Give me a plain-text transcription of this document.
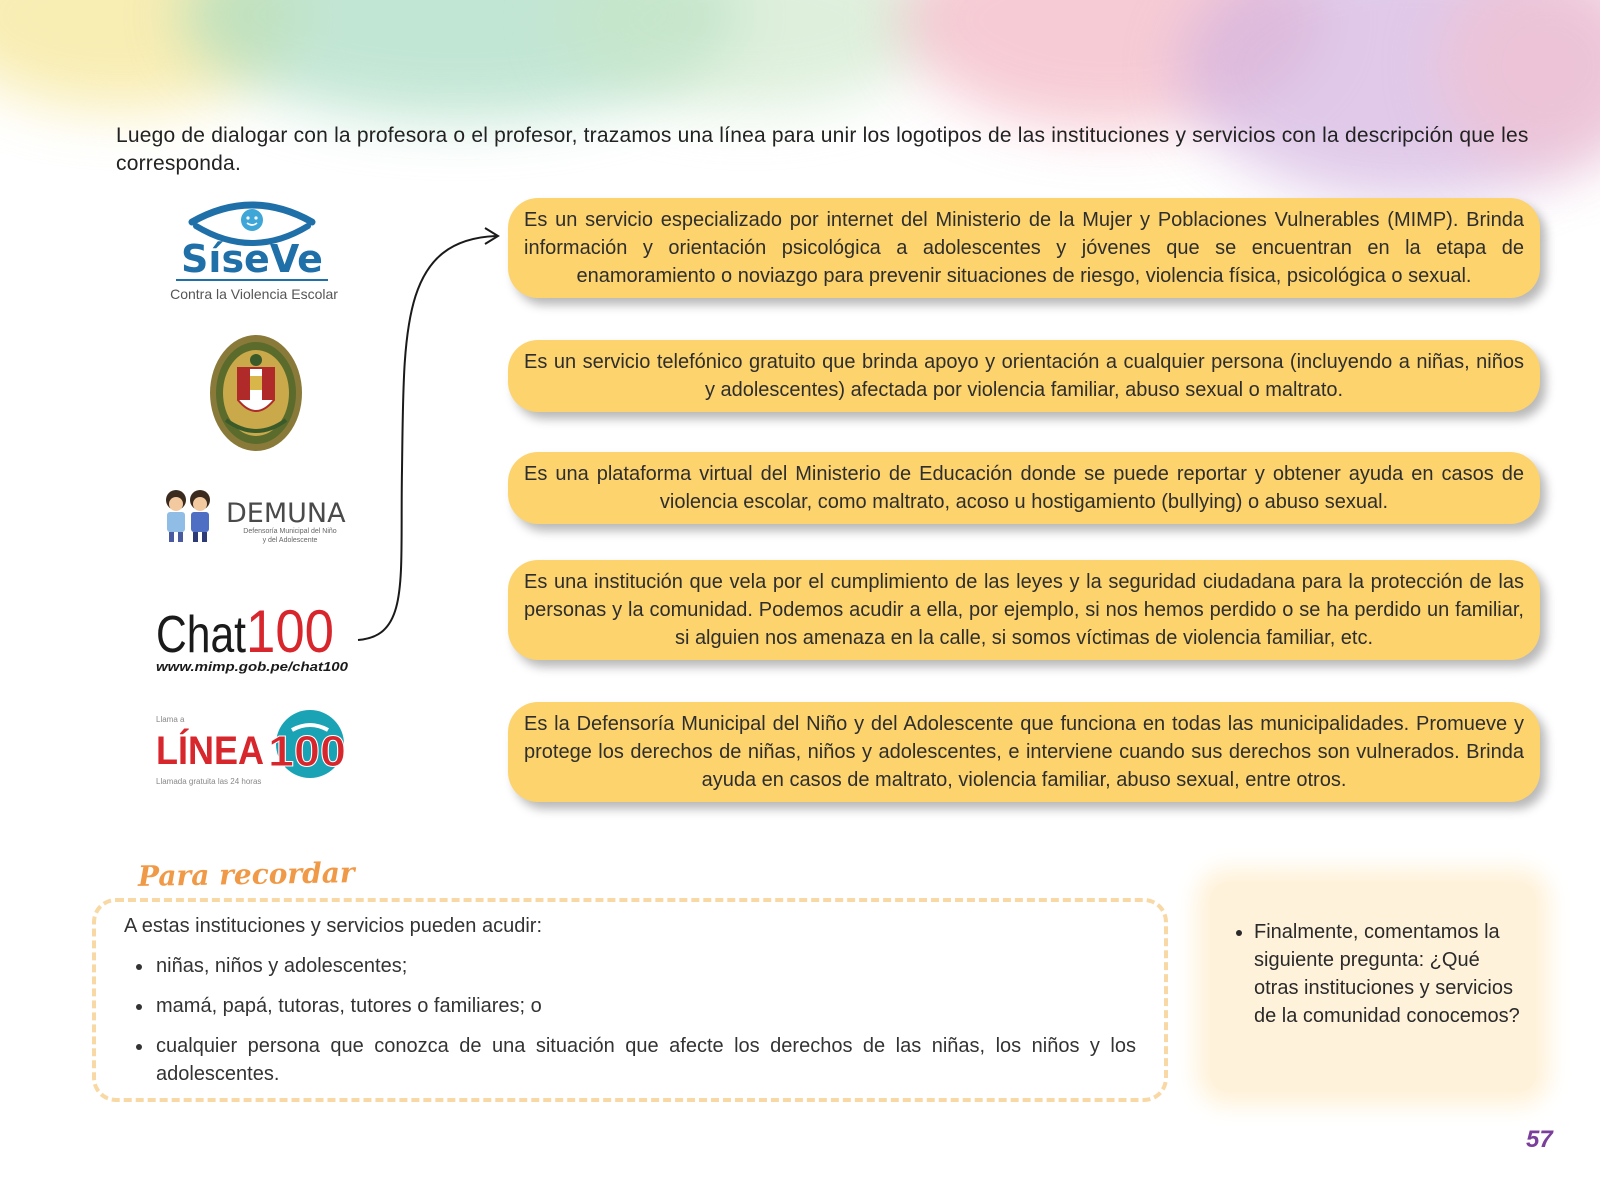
Luego de dialogar con la profesora o el profesor, trazamos una línea para unir los logotipos de las instituciones y servicios con la descripción que les corresponda.
SíseVe
Contra la Violencia Escolar
DEMUNA
Defensoría Municipal del Niño
y del Adolescente
Chat 100
www.mimp.gob.pe/chat100
Llama a
LÍNEA
100
Llamada gratuita las 24 horas
Es un servicio especializado por internet del Ministerio de la Mujer y Poblaciones Vulnerables (MIMP). Brinda información y orientación psicológica a adolescentes y jóvenes que se encuentran en la etapa de enamoramiento o noviazgo para prevenir situaciones de riesgo, violencia física, psicológica o sexual.
Es un servicio telefónico gratuito que brinda apoyo y orientación a cualquier persona (incluyendo a niñas, niños y adolescentes) afectada por violencia familiar, abuso sexual o maltrato.
Es una plataforma virtual del Ministerio de Educación donde se puede reportar y obtener ayuda en casos de violencia escolar, como maltrato, acoso u hostigamiento (bullying) o abuso sexual.
Es una institución que vela por el cumplimiento de las leyes y la seguridad ciudadana para la protección de las personas y la comunidad. Podemos acudir a ella, por ejemplo, si nos hemos perdido o se ha perdido un familiar, si alguien nos amenaza en la calle, si somos víctimas de violencia familiar, etc.
Es la Defensoría Municipal del Niño y del Adolescente que funciona en todas las municipalidades. Promueve y protege los derechos de niñas, niños y adolescentes, e interviene cuando sus derechos son vulnerados. Brinda ayuda en casos de maltrato, violencia familiar, abuso sexual, entre otros.
Para recordar
A estas instituciones y servicios pueden acudir:
• niñas, niños y adolescentes;
• mamá, papá, tutoras, tutores o familiares; o
• cualquier persona que conozca de una situación que afecte los derechos de las niñas, los niños y los adolescentes.
• Finalmente, comentamos la siguiente pregunta: ¿Qué otras instituciones y servicios de la comunidad conocemos?
57
